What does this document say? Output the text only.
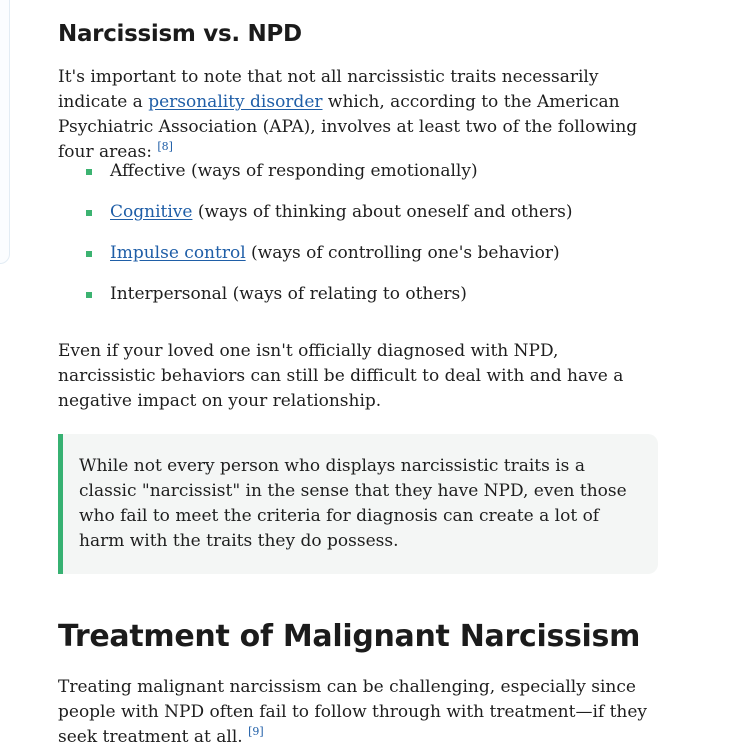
Narcissism vs. NPD

It's important to note that not all narcissistic traits necessarily indicate a personality disorder which, according to the American Psychiatric Association (APA), involves at least two of the following four areas: [8]

Affective (ways of responding emotionally)
Cognitive (ways of thinking about oneself and others)
Impulse control (ways of controlling one's behavior)
Interpersonal (ways of relating to others)

Even if your loved one isn't officially diagnosed with NPD, narcissistic behaviors can still be difficult to deal with and have a negative impact on your relationship.

While not every person who displays narcissistic traits is a classic "narcissist" in the sense that they have NPD, even those who fail to meet the criteria for diagnosis can create a lot of harm with the traits they do possess.

Treatment of Malignant Narcissism

Treating malignant narcissism can be challenging, especially since people with NPD often fail to follow through with treatment—if they seek treatment at all. [9]
